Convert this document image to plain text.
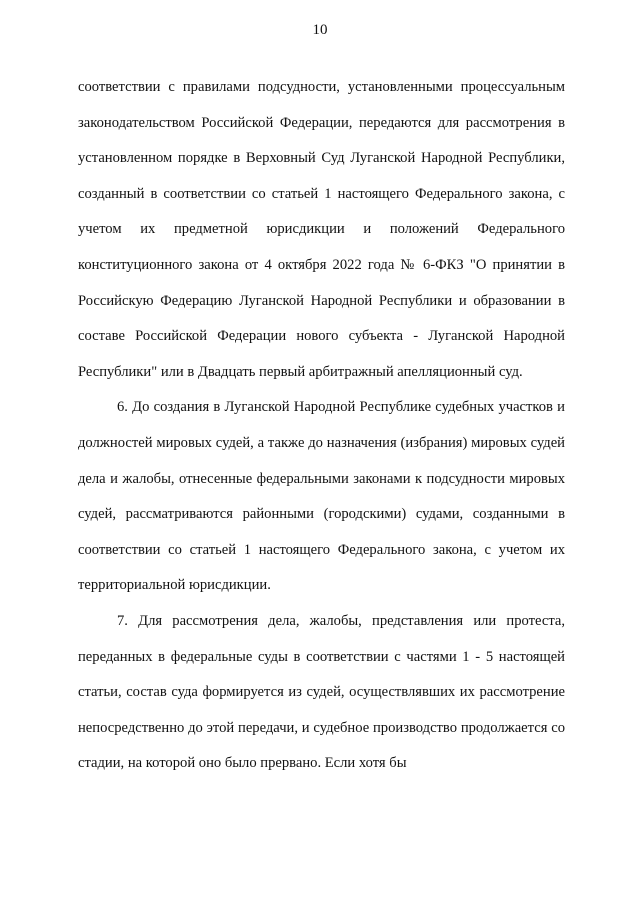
10

соответствии с правилами подсудности, установленными процессуальным законодательством Российской Федерации, передаются для рассмотрения в установленном порядке в Верховный Суд Луганской Народной Республики, созданный в соответствии со статьей 1 настоящего Федерального закона, с учетом их предметной юрисдикции и положений Федерального конституционного закона от 4 октября 2022 года № 6-ФКЗ "О принятии в Российскую Федерацию Луганской Народной Республики и образовании в составе Российской Федерации нового субъекта - Луганской Народной Республики" или в Двадцать первый арбитражный апелляционный суд.

6. До создания в Луганской Народной Республике судебных участков и должностей мировых судей, а также до назначения (избрания) мировых судей дела и жалобы, отнесенные федеральными законами к подсудности мировых судей, рассматриваются районными (городскими) судами, созданными в соответствии со статьей 1 настоящего Федерального закона, с учетом их территориальной юрисдикции.

7. Для рассмотрения дела, жалобы, представления или протеста, переданных в федеральные суды в соответствии с частями 1 - 5 настоящей статьи, состав суда формируется из судей, осуществлявших их рассмотрение непосредственно до этой передачи, и судебное производство продолжается со стадии, на которой оно было прервано. Если хотя бы
